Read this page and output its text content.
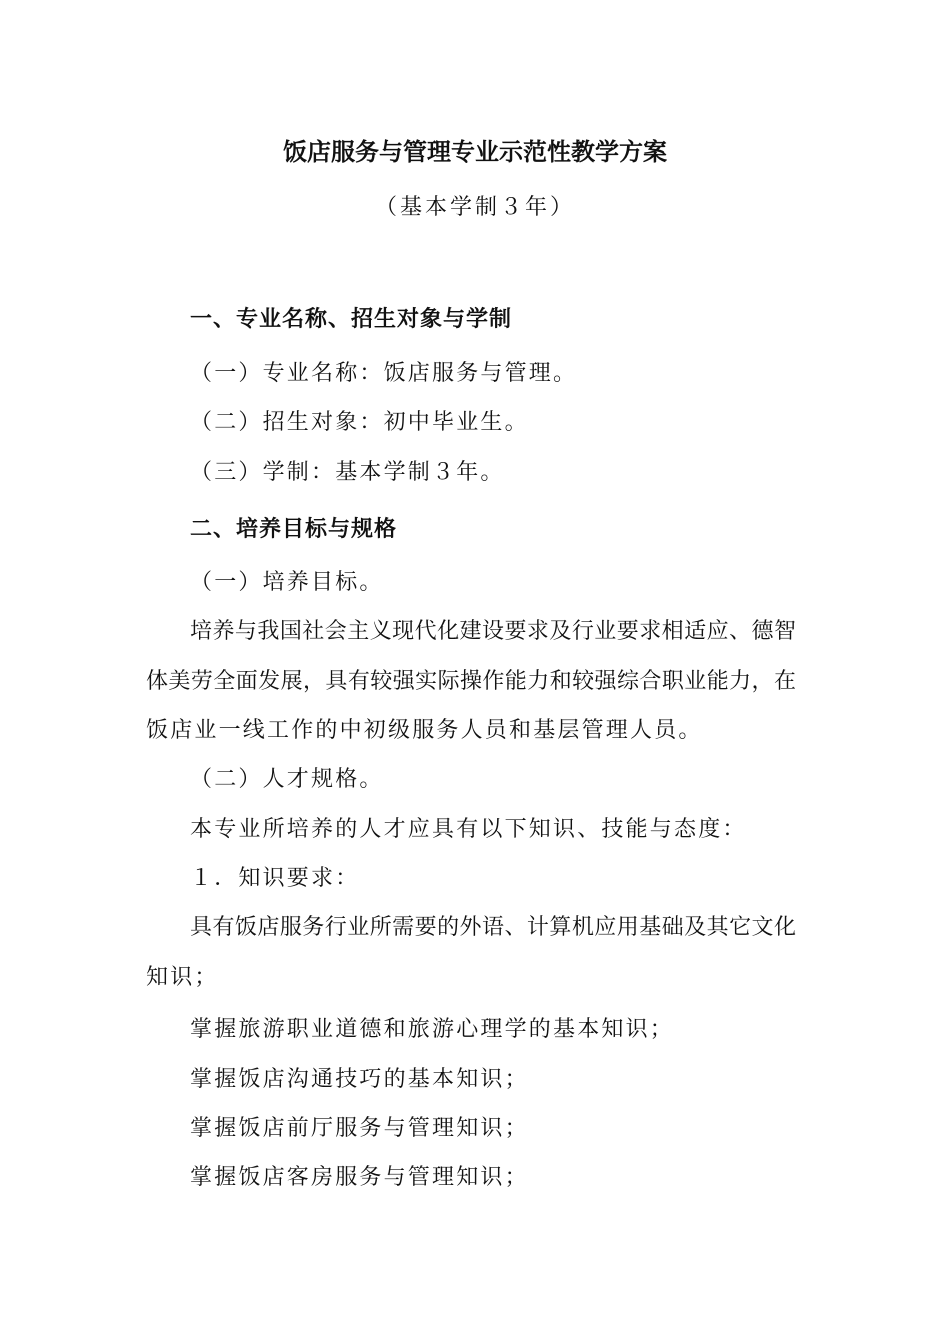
饭店服务与管理专业示范性教学方案
（基本学制３年）
一、专业名称、招生对象与学制
（一）专业名称：饭店服务与管理。
（二）招生对象：初中毕业生。
（三）学制：基本学制３年。
二、培养目标与规格
（一）培养目标。
培养与我国社会主义现代化建设要求及行业要求相适应、德智
体美劳全面发展，具有较强实际操作能力和较强综合职业能力，在
饭店业一线工作的中初级服务人员和基层管理人员。
（二）人才规格。
本专业所培养的人才应具有以下知识、技能与态度：
１．知识要求：
具有饭店服务行业所需要的外语、计算机应用基础及其它文化
知识；
掌握旅游职业道德和旅游心理学的基本知识；
掌握饭店沟通技巧的基本知识；
掌握饭店前厅服务与管理知识；
掌握饭店客房服务与管理知识；
